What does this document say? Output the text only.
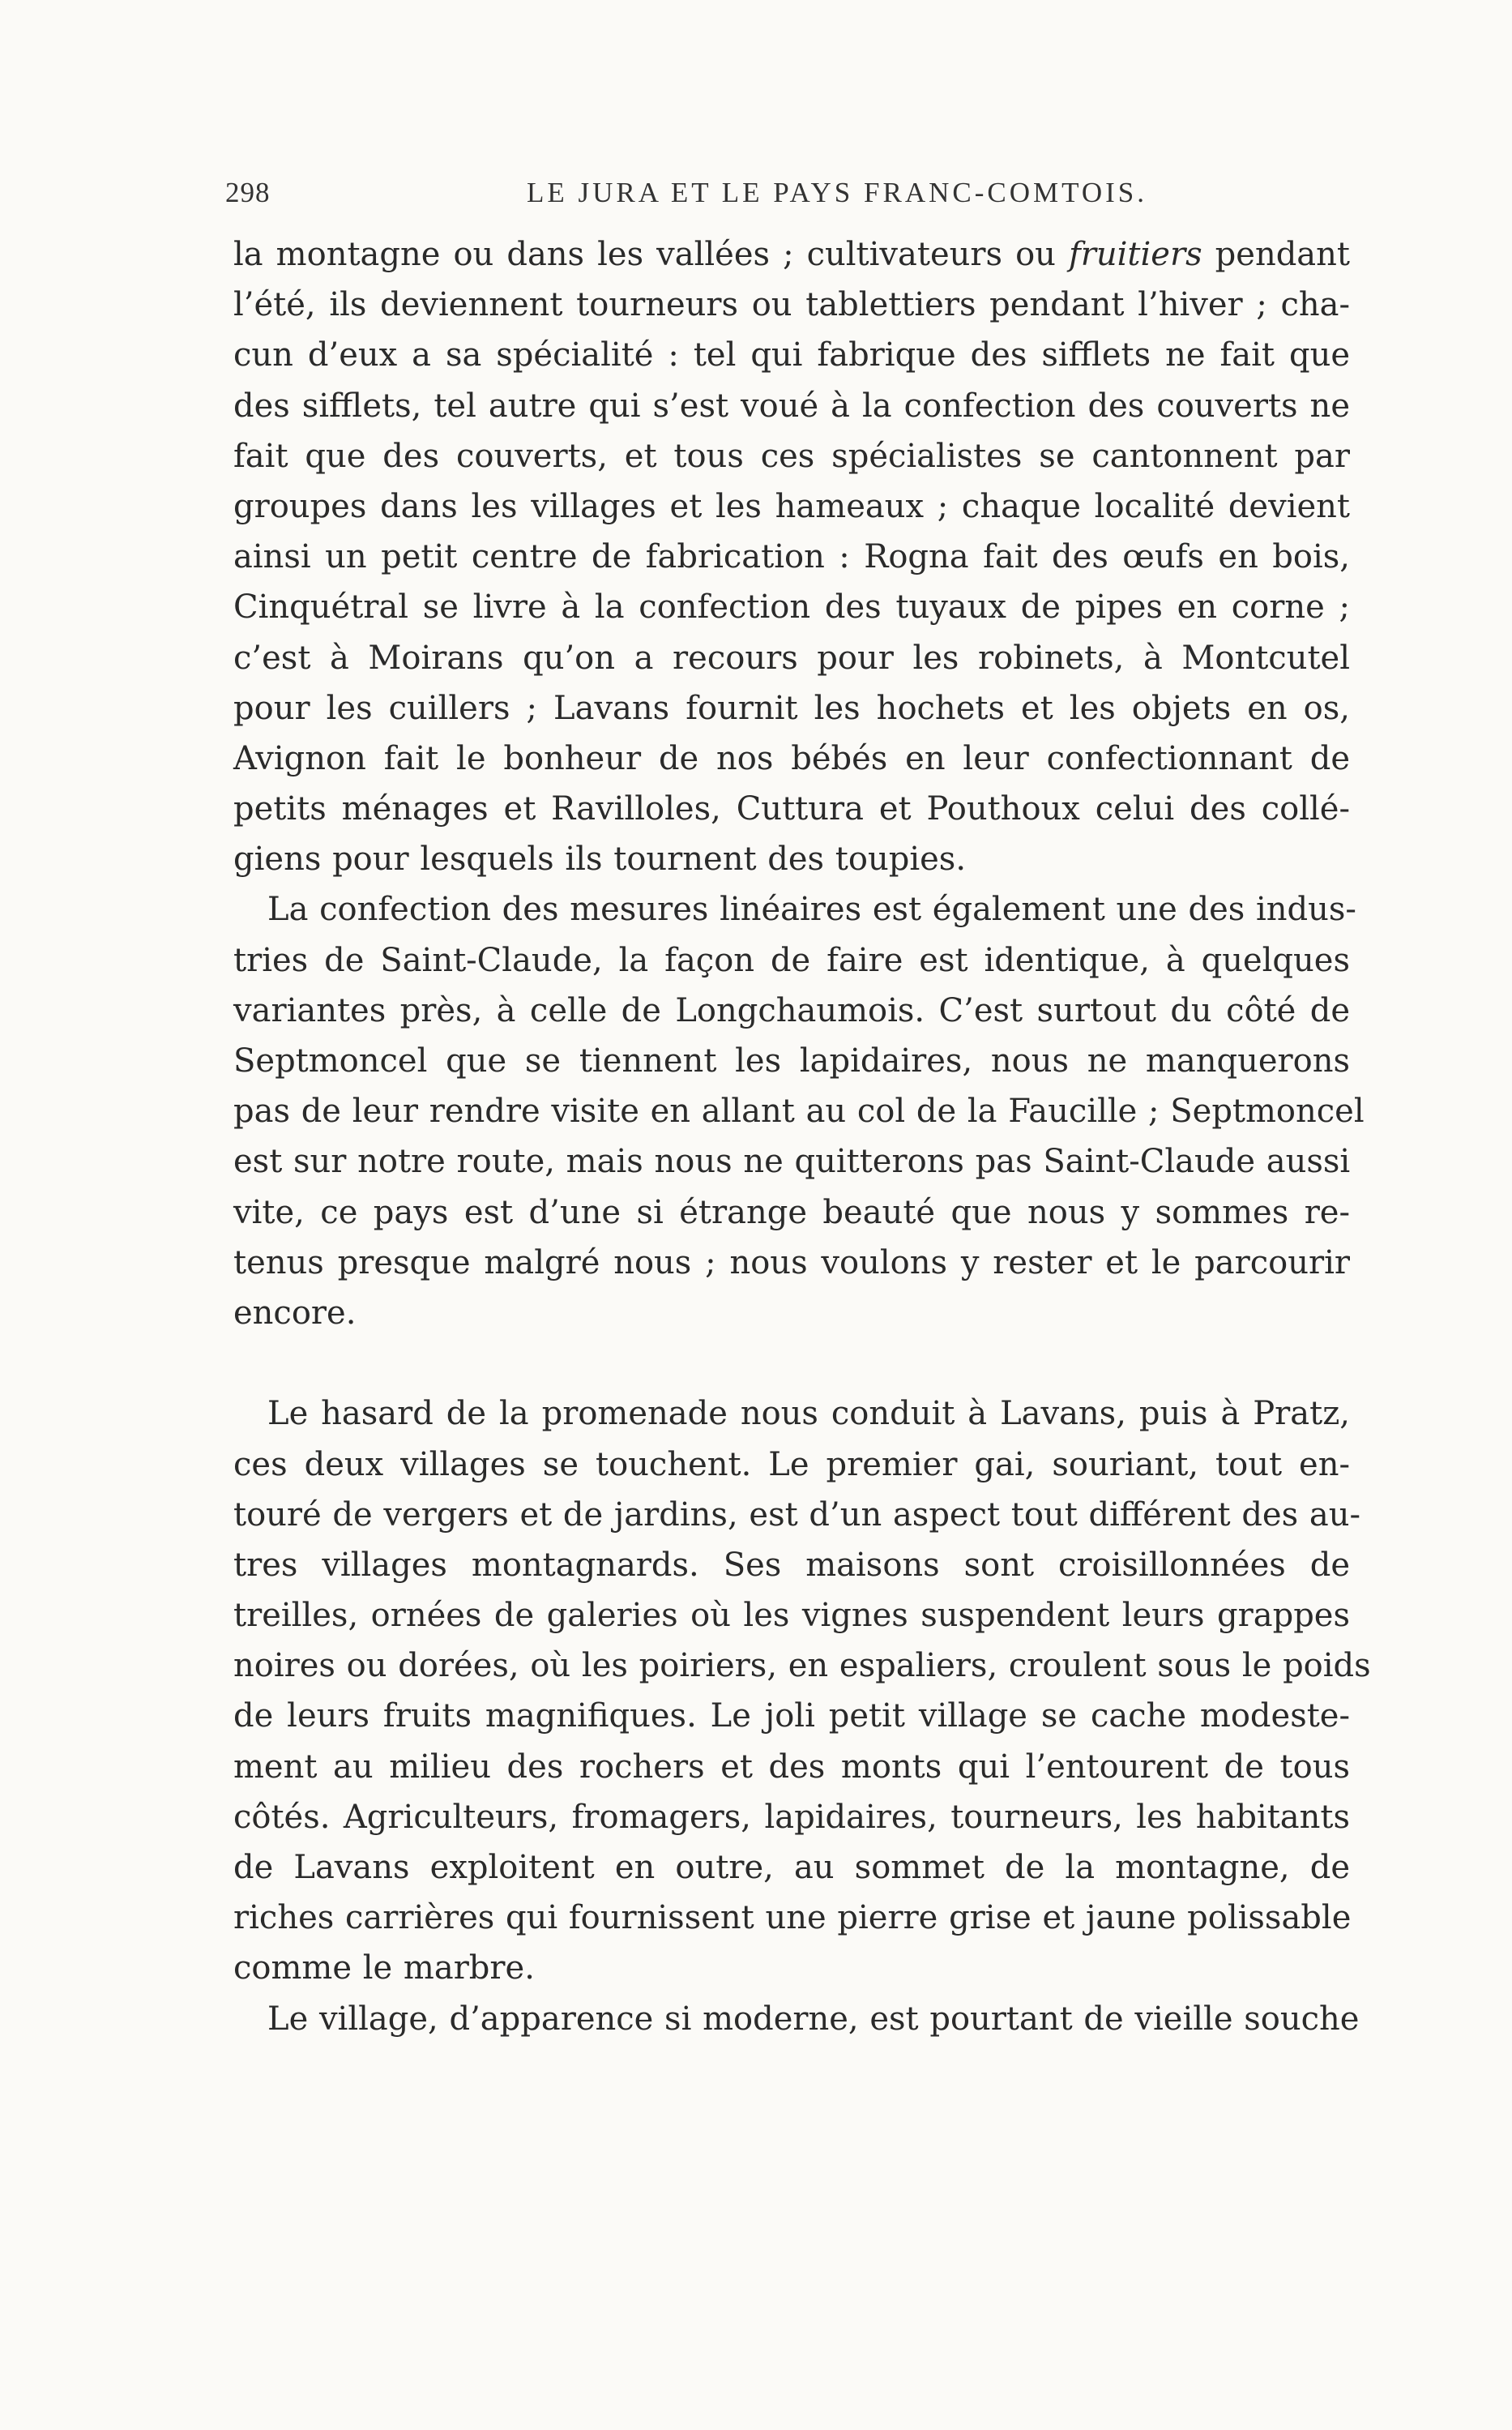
298	LE JURA ET LE PAYS FRANC-COMTOIS.
la montagne ou dans les vallées ; cultivateurs ou fruitiers pendant
l’été, ils deviennent tourneurs ou tablettiers pendant l’hiver ; cha-
cun d’eux a sa spécialité : tel qui fabrique des sifflets ne fait que
des sifflets, tel autre qui s’est voué à la confection des couverts ne
fait que des couverts, et tous ces spécialistes se cantonnent par
groupes dans les villages et les hameaux ; chaque localité devient
ainsi un petit centre de fabrication : Rogna fait des œufs en bois,
Cinquétral se livre à la confection des tuyaux de pipes en corne ;
c’est à Moirans qu’on a recours pour les robinets, à Montcutel
pour les cuillers ; Lavans fournit les hochets et les objets en os,
Avignon fait le bonheur de nos bébés en leur confectionnant de
petits ménages et Ravilloles, Cuttura et Pouthoux celui des collé-
giens pour lesquels ils tournent des toupies.
La confection des mesures linéaires est également une des indus-
tries de Saint-Claude, la façon de faire est identique, à quelques
variantes près, à celle de Longchaumois. C’est surtout du côté de
Septmoncel que se tiennent les lapidaires, nous ne manquerons
pas de leur rendre visite en allant au col de la Faucille ; Septmoncel
est sur notre route, mais nous ne quitterons pas Saint-Claude aussi
vite, ce pays est d’une si étrange beauté que nous y sommes re-
tenus presque malgré nous ; nous voulons y rester et le parcourir
encore.
Le hasard de la promenade nous conduit à Lavans, puis à Pratz,
ces deux villages se touchent. Le premier gai, souriant, tout en-
touré de vergers et de jardins, est d’un aspect tout différent des au-
tres villages montagnards. Ses maisons sont croisillonnées de
treilles, ornées de galeries où les vignes suspendent leurs grappes
noires ou dorées, où les poiriers, en espaliers, croulent sous le poids
de leurs fruits magnifiques. Le joli petit village se cache modeste-
ment au milieu des rochers et des monts qui l’entourent de tous
côtés. Agriculteurs, fromagers, lapidaires, tourneurs, les habitants
de Lavans exploitent en outre, au sommet de la montagne, de
riches carrières qui fournissent une pierre grise et jaune polissable
comme le marbre.
Le village, d’apparence si moderne, est pourtant de vieille souche
